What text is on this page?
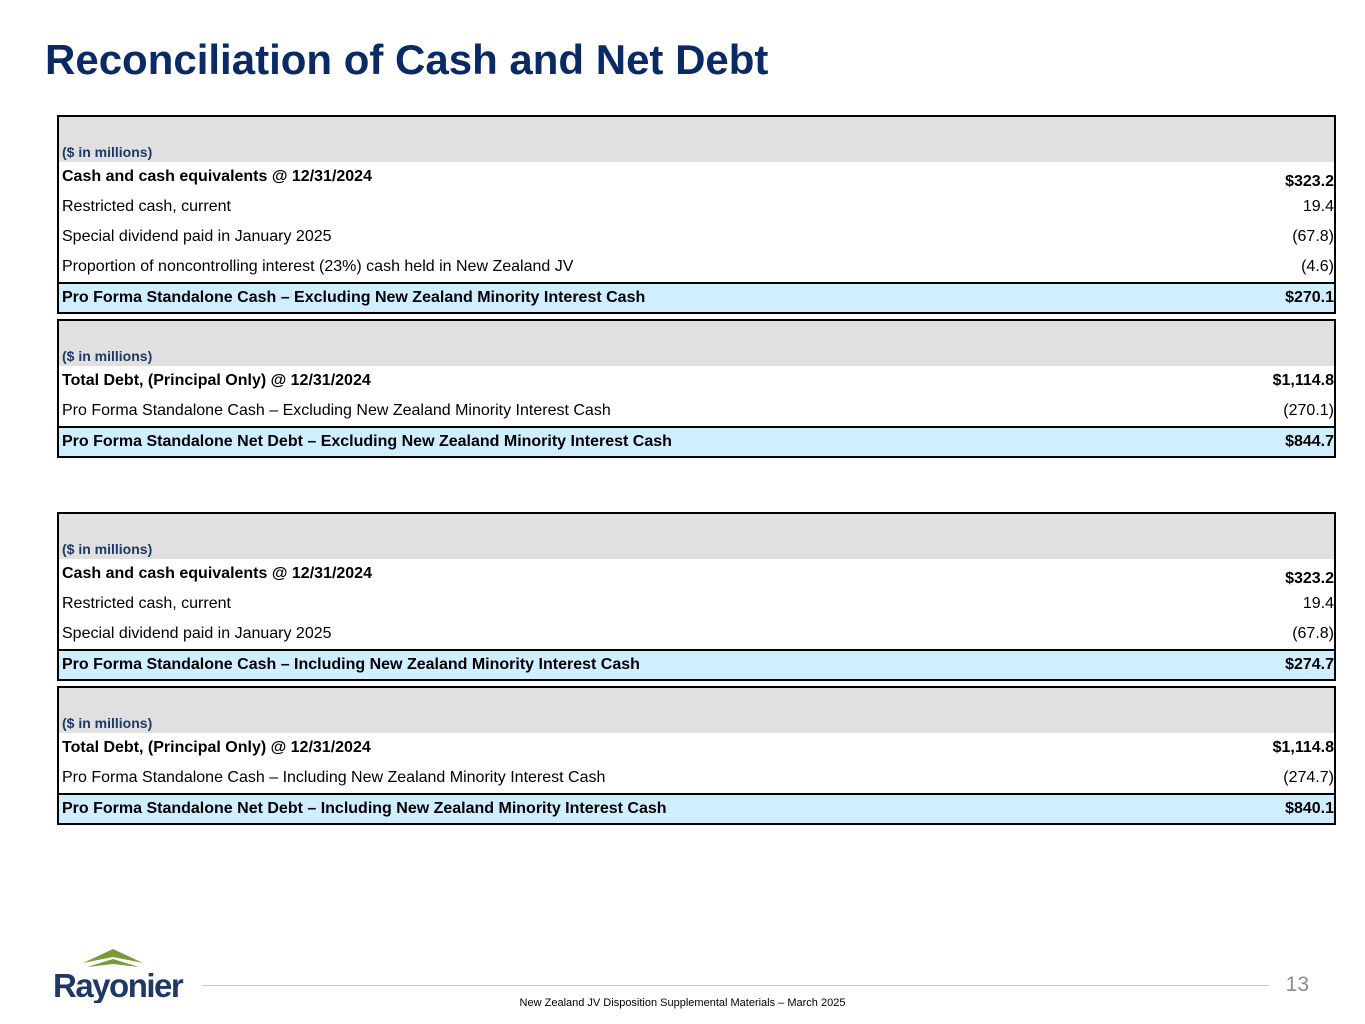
Reconciliation of Cash and Net Debt
($ in millions)
Cash and cash equivalents @ 12/31/2024	$323.2
Restricted cash, current	19.4
Special dividend paid in January 2025	(67.8)
Proportion of noncontrolling interest (23%) cash held in New Zealand JV	(4.6)
Pro Forma Standalone Cash – Excluding New Zealand Minority Interest Cash	$270.1
($ in millions)
Total Debt, (Principal Only) @ 12/31/2024	$1,114.8
Pro Forma Standalone Cash – Excluding New Zealand Minority Interest Cash	(270.1)
Pro Forma Standalone Net Debt – Excluding New Zealand Minority Interest Cash	$844.7
($ in millions)
Cash and cash equivalents @ 12/31/2024	$323.2
Restricted cash, current	19.4
Special dividend paid in January 2025	(67.8)
Pro Forma Standalone Cash – Including New Zealand Minority Interest Cash	$274.7
($ in millions)
Total Debt, (Principal Only) @ 12/31/2024	$1,114.8
Pro Forma Standalone Cash – Including New Zealand Minority Interest Cash	(274.7)
Pro Forma Standalone Net Debt – Including New Zealand Minority Interest Cash	$840.1
Rayonier	13
New Zealand JV Disposition Supplemental Materials – March 2025
